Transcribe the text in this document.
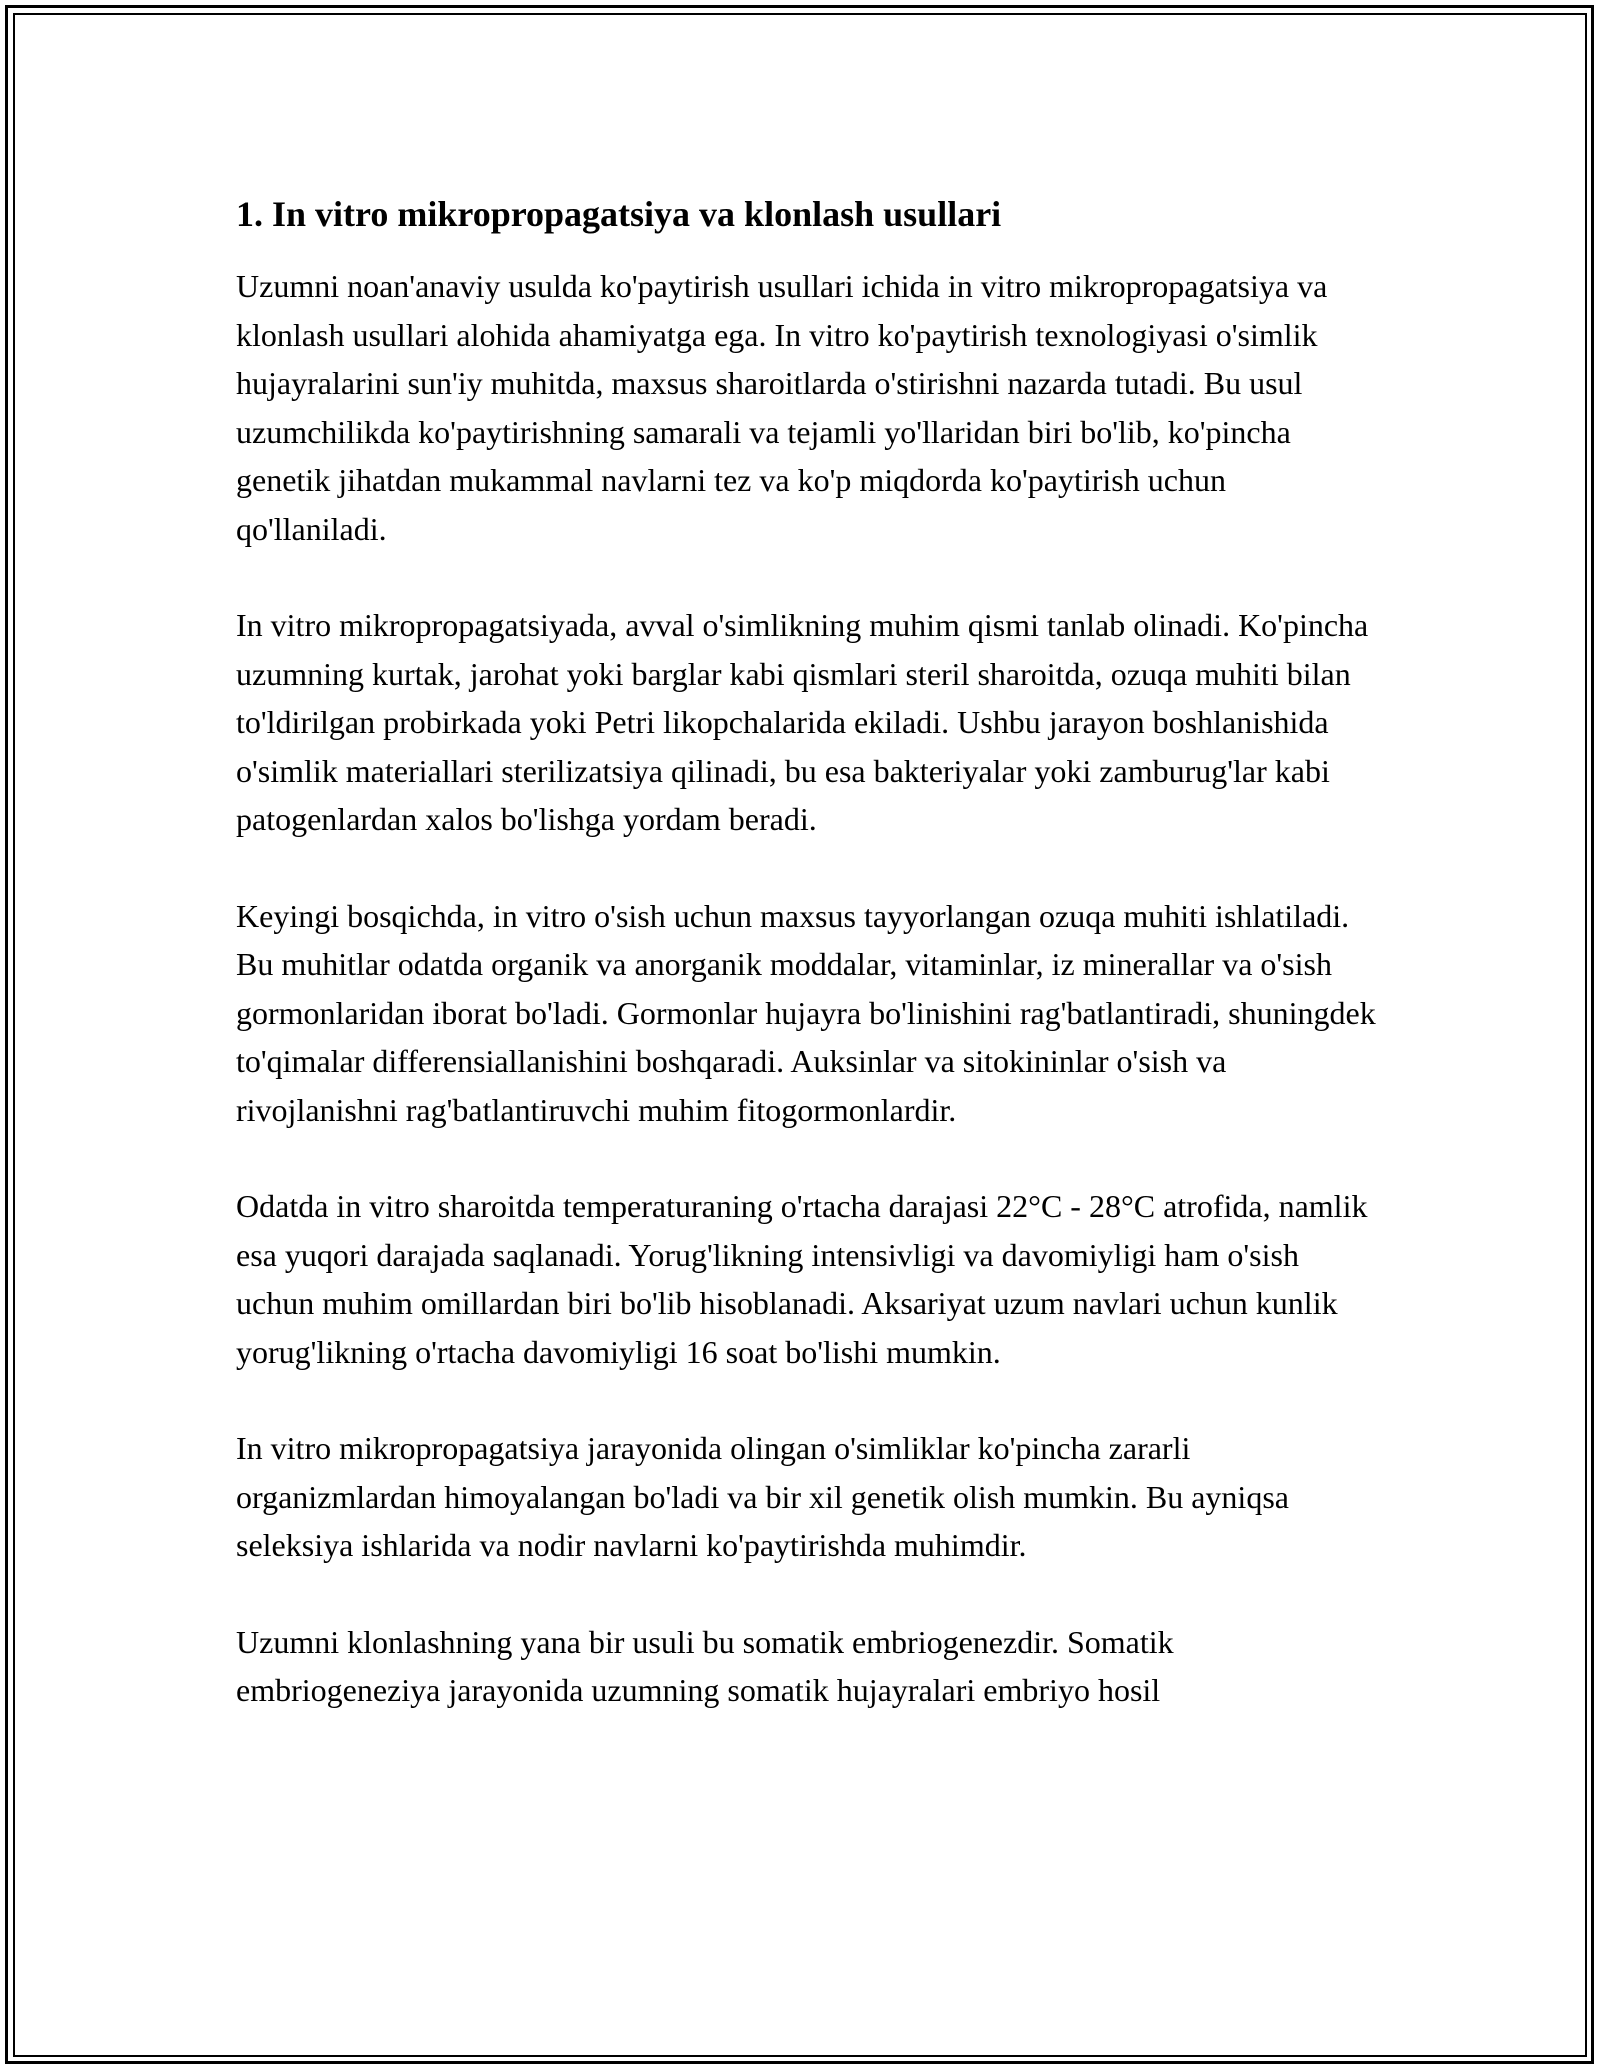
1. In vitro mikropropagatsiya va klonlash usullari

Uzumni noan'anaviy usulda ko'paytirish usullari ichida in vitro mikropropagatsiya va klonlash usullari alohida ahamiyatga ega. In vitro ko'paytirish texnologiyasi o'simlik hujayralarini sun'iy muhitda, maxsus sharoitlarda o'stirishni nazarda tutadi. Bu usul uzumchilikda ko'paytirishning samarali va tejamli yo'llaridan biri bo'lib, ko'pincha genetik jihatdan mukammal navlarni tez va ko'p miqdorda ko'paytirish uchun qo'llaniladi.

In vitro mikropropagatsiyada, avval o'simlikning muhim qismi tanlab olinadi. Ko'pincha uzumning kurtak, jarohat yoki barglar kabi qismlari steril sharoitda, ozuqa muhiti bilan to'ldirilgan probirkada yoki Petri likopchalarida ekiladi. Ushbu jarayon boshlanishida o'simlik materiallari sterilizatsiya qilinadi, bu esa bakteriyalar yoki zamburug'lar kabi patogenlardan xalos bo'lishga yordam beradi.

Keyingi bosqichda, in vitro o'sish uchun maxsus tayyorlangan ozuqa muhiti ishlatiladi. Bu muhitlar odatda organik va anorganik moddalar, vitaminlar, iz minerallar va o'sish gormonlaridan iborat bo'ladi. Gormonlar hujayra bo'linishini rag'batlantiradi, shuningdek to'qimalar differensiallanishini boshqaradi. Auksinlar va sitokininlar o'sish va rivojlanishni rag'batlantiruvchi muhim fitogormonlardir.

Odatda in vitro sharoitda temperaturaning o'rtacha darajasi 22°C - 28°C atrofida, namlik esa yuqori darajada saqlanadi. Yorug'likning intensivligi va davomiyligi ham o'sish uchun muhim omillardan biri bo'lib hisoblanadi. Aksariyat uzum navlari uchun kunlik yorug'likning o'rtacha davomiyligi 16 soat bo'lishi mumkin.

In vitro mikropropagatsiya jarayonida olingan o'simliklar ko'pincha zararli organizmlardan himoyalangan bo'ladi va bir xil genetik olish mumkin. Bu ayniqsa seleksiya ishlarida va nodir navlarni ko'paytirishda muhimdir.

Uzumni klonlashning yana bir usuli bu somatik embriogenezdir. Somatik embriogeneziya jarayonida uzumning somatik hujayralari embriyo hosil
